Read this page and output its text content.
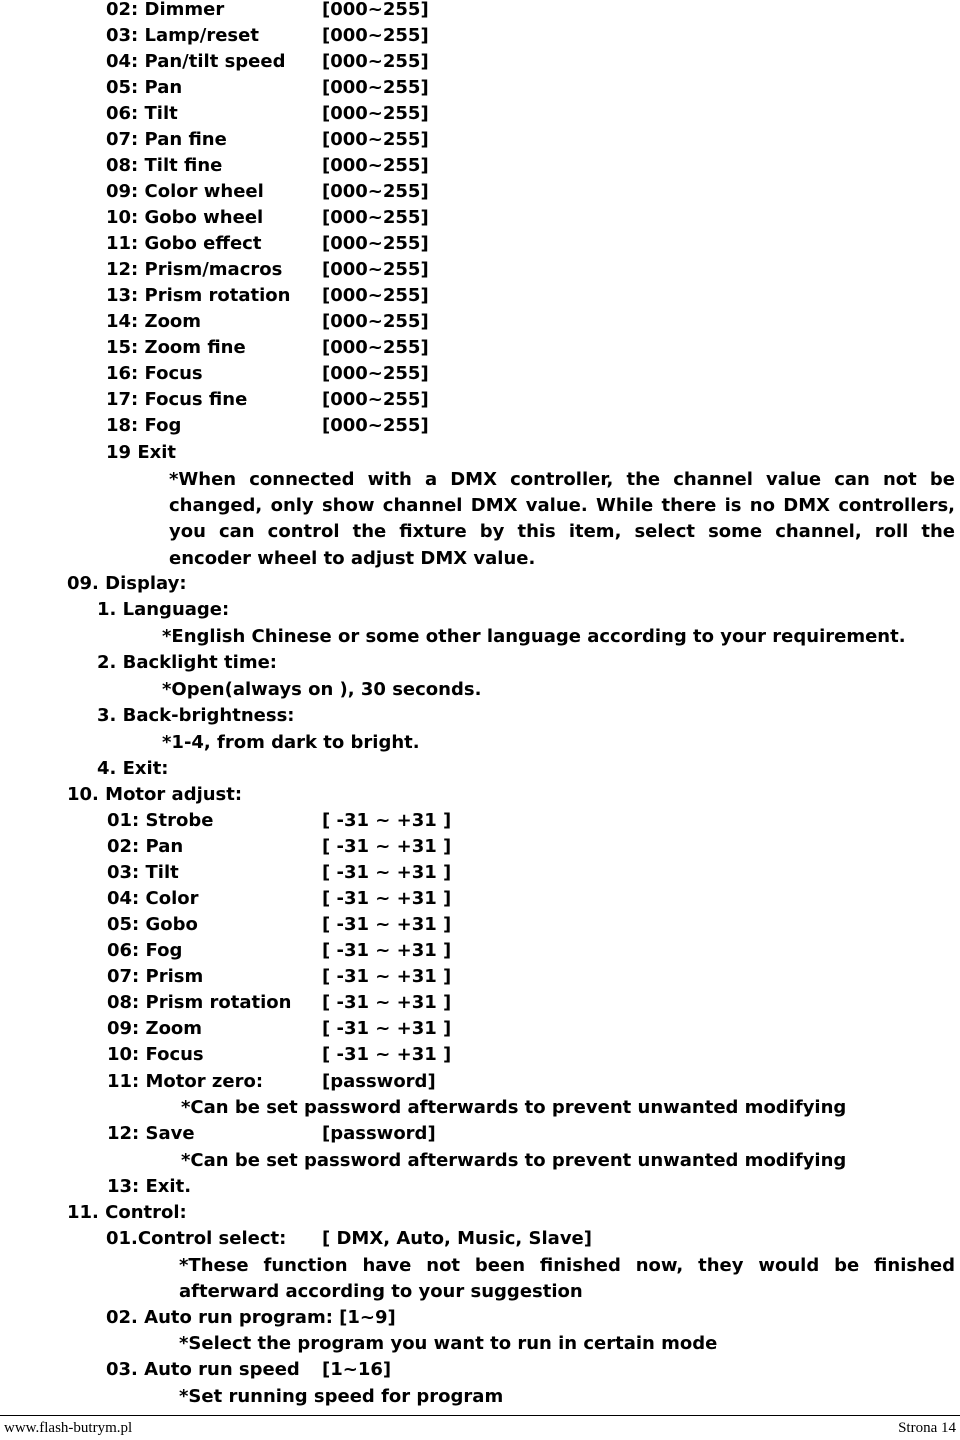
02: Dimmer	[000~255]
03: Lamp/reset	[000~255]
04: Pan/tilt speed [000~255]
05: Pan	[000~255]
06: Tilt	[000~255]
07: Pan fine	[000~255]
08: Tilt fine	[000~255]
09: Color wheel	[000~255]
10: Gobo wheel	[000~255]
11: Gobo effect	[000~255]
12: Prism/macros [000~255]
13: Prism rotation [000~255]
14: Zoom	[000~255]
15: Zoom fine	[000~255]
16: Focus	[000~255]
17: Focus fine	[000~255]
18: Fog	[000~255]
19 Exit
*When connected with a DMX controller, the channel value can not be changed, only show channel DMX value. While there is no DMX controllers, you can control the fixture by this item, select some channel, roll the encoder wheel to adjust DMX value.
09. Display:
1. Language:
*English Chinese or some other language according to your requirement.
2. Backlight time:
*Open(always on ), 30 seconds.
3. Back-brightness:
*1-4, from dark to bright.
4. Exit:
10. Motor adjust:
01: Strobe	[ -31 ~ +31 ]
02: Pan	[ -31 ~ +31 ]
03: Tilt	[ -31 ~ +31 ]
04: Color	[ -31 ~ +31 ]
05: Gobo	[ -31 ~ +31 ]
06: Fog	[ -31 ~ +31 ]
07: Prism	[ -31 ~ +31 ]
08: Prism rotation [ -31 ~ +31 ]
09: Zoom	[ -31 ~ +31 ]
10: Focus	[ -31 ~ +31 ]
11: Motor zero:	[password]
*Can be set password afterwards to prevent unwanted modifying
12: Save	[password]
*Can be set password afterwards to prevent unwanted modifying
13: Exit.
11. Control:
01.Control select: [ DMX, Auto, Music, Slave]
*These function have not been finished now, they would be finished afterward according to your suggestion
02. Auto run program: [1~9]
*Select the program you want to run in certain mode
03. Auto run speed [1~16]
*Set running speed for program
www.flash-butrym.pl	Strona 14
